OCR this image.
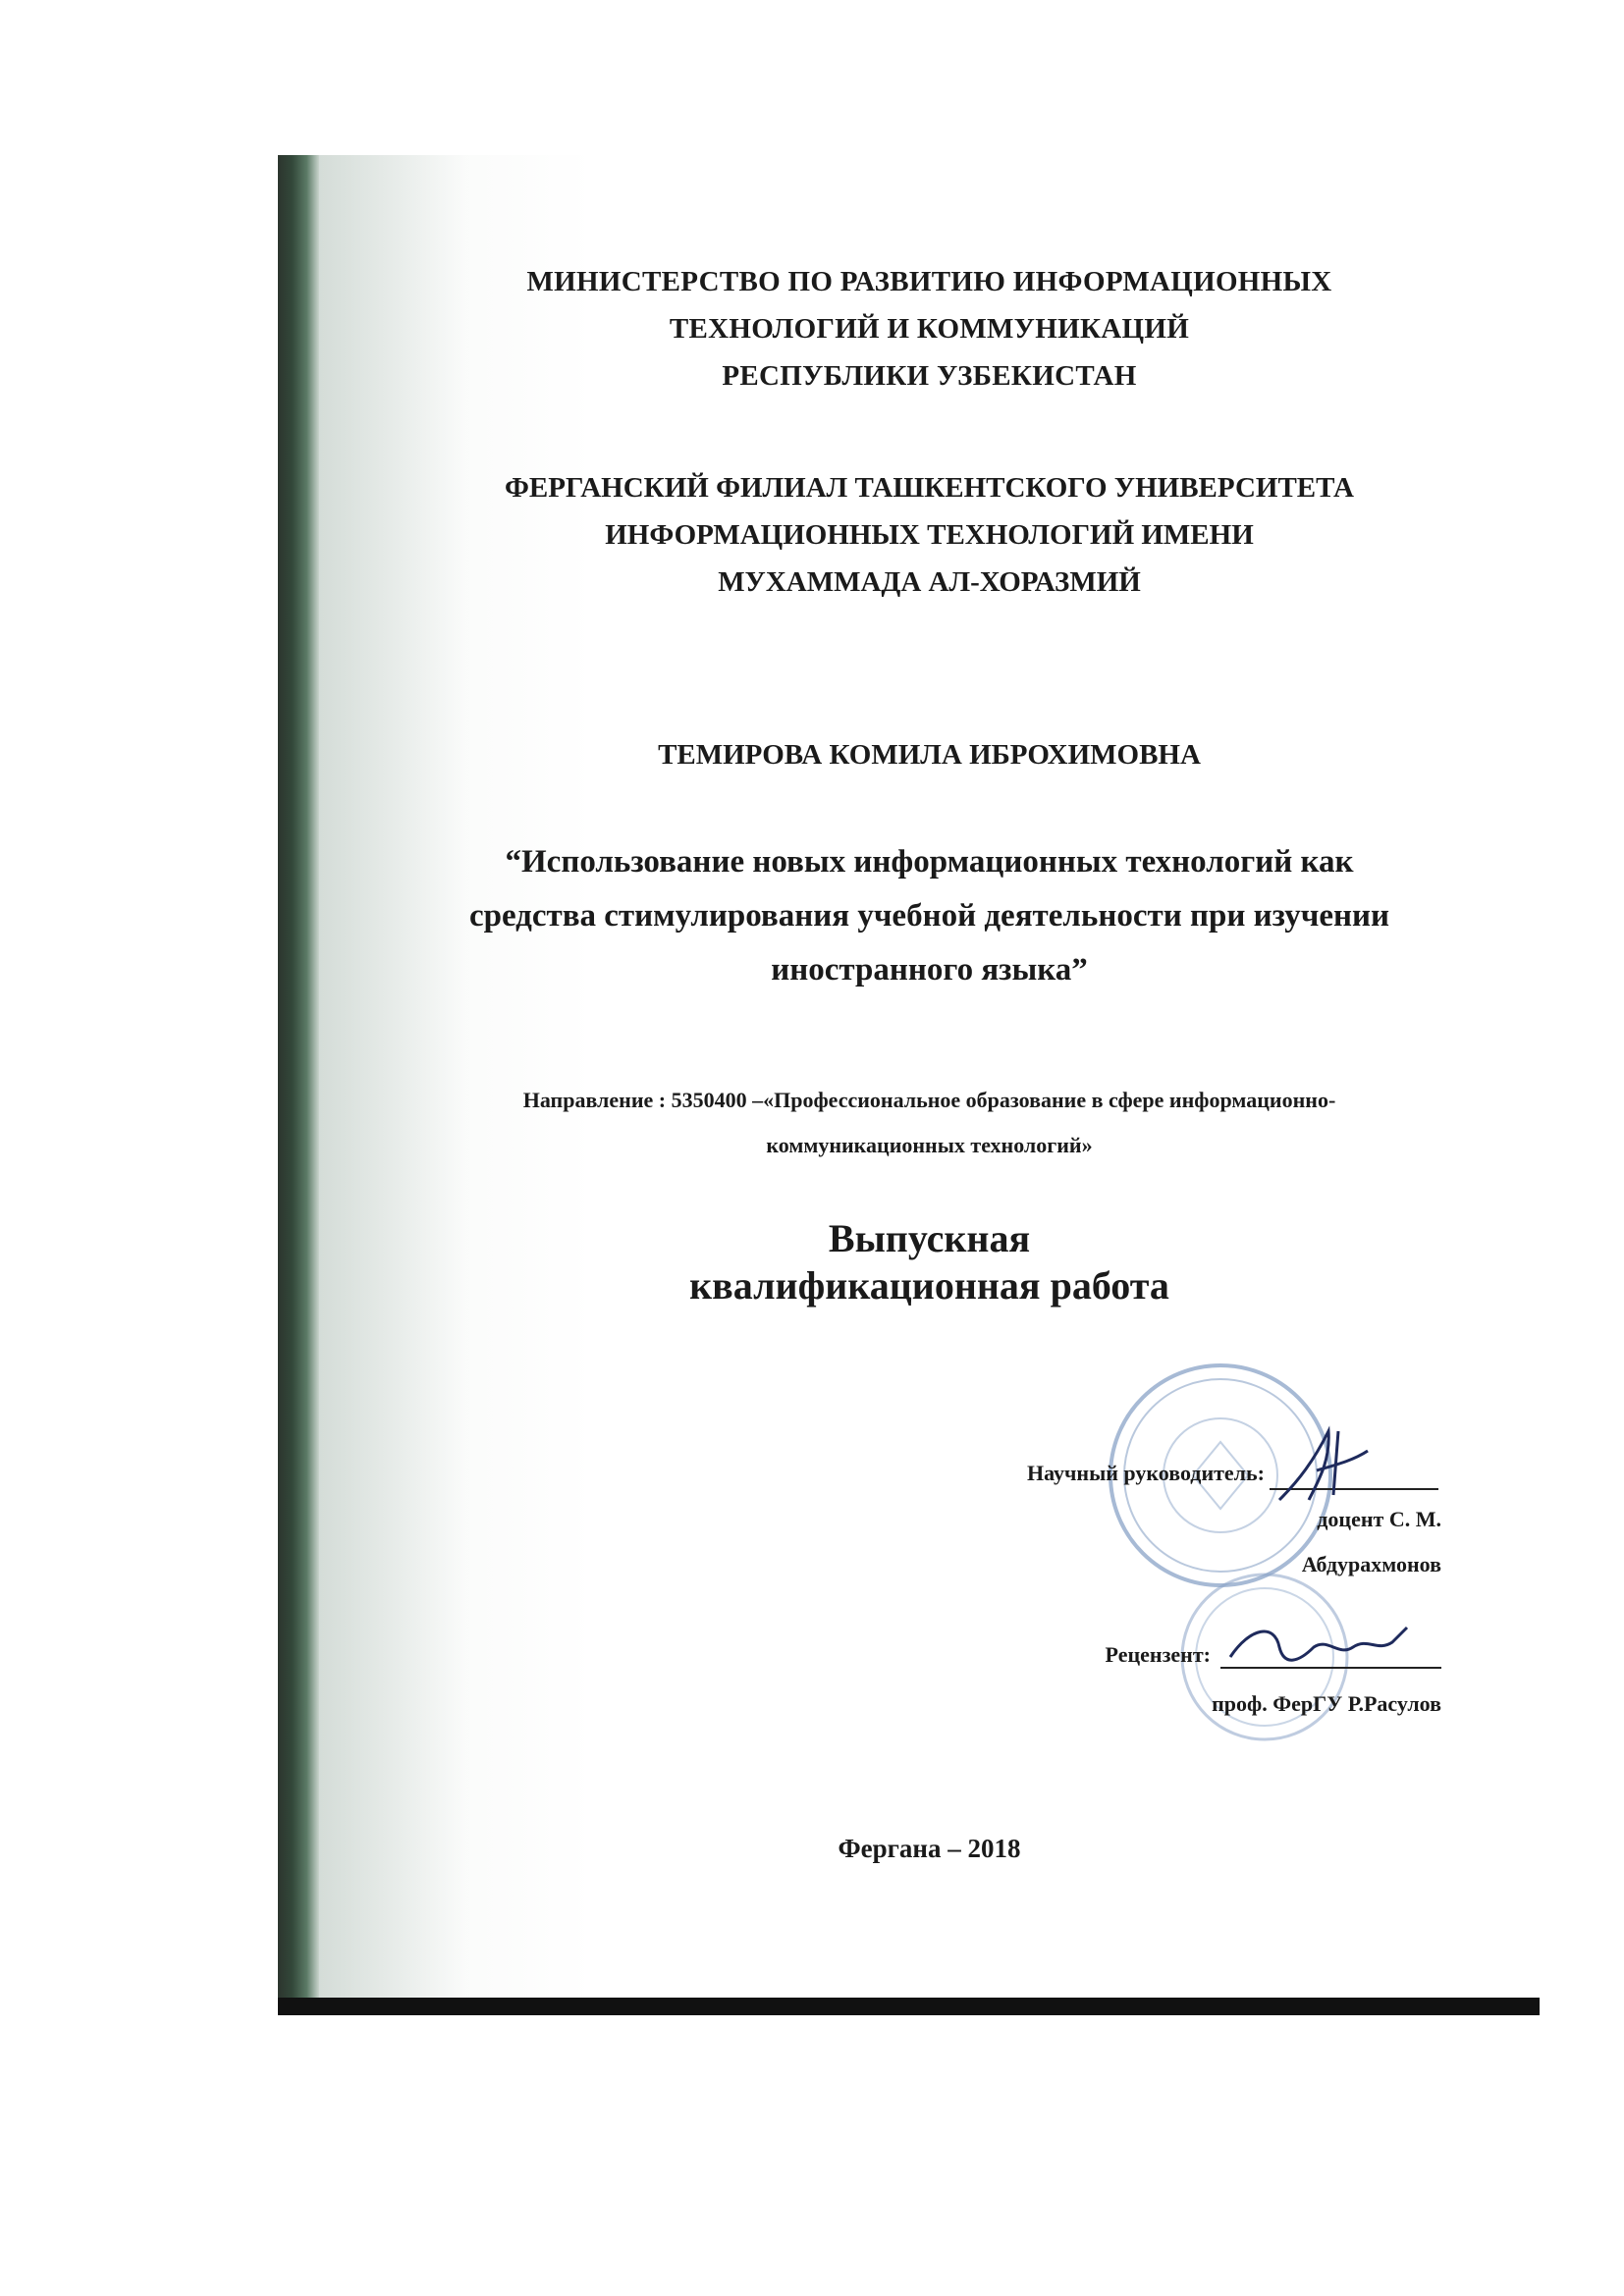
МИНИСТЕРСТВО ПО РАЗВИТИЮ ИНФОРМАЦИОННЫХ
ТЕХНОЛОГИЙ И КОММУНИКАЦИЙ
РЕСПУБЛИКИ УЗБЕКИСТАН
ФЕРГАНСКИЙ ФИЛИАЛ ТАШКЕНТСКОГО УНИВЕРСИТЕТА
ИНФОРМАЦИОННЫХ ТЕХНОЛОГИЙ ИМЕНИ
МУХАММАДА АЛ-ХОРАЗМИЙ
ТЕМИРОВА КОМИЛА ИБРОХИМОВНА
“Использование новых информационных технологий как
средства стимулирования учебной деятельности при изучении
иностранного языка”
Направление : 5350400 –«Профессиональное образование в сфере информационно-
коммуникационных технологий»
Выпускная
квалификационная работа
Научный руководитель:
доцент С. М.
Абдурахмонов
Рецензент:
проф. ФерГУ Р.Расулов
Фергана – 2018
